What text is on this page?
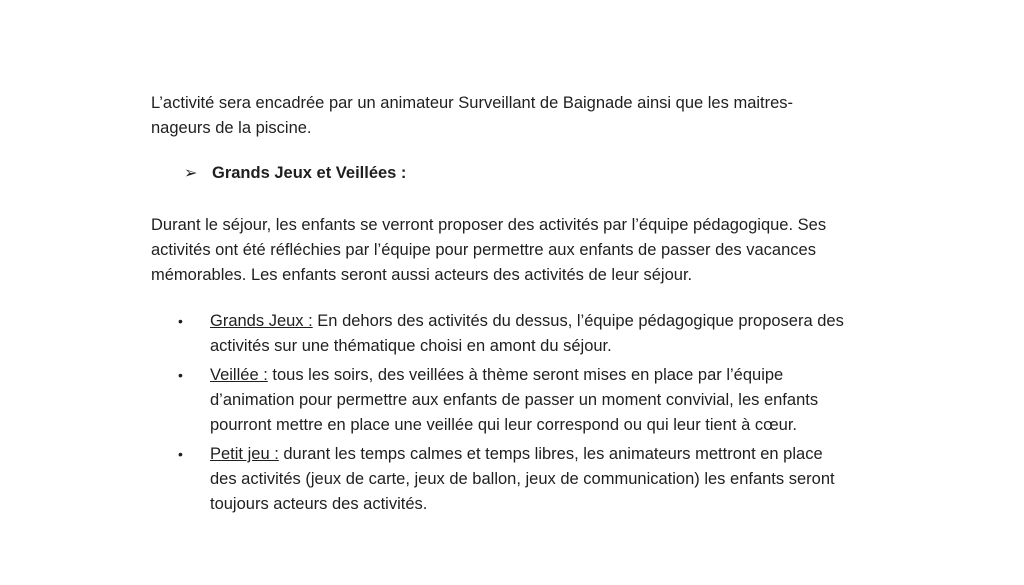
L’activité sera encadrée par un animateur Surveillant de Baignade ainsi que les maitres-
nageurs de la piscine.

➢ Grands Jeux et Veillées :

Durant le séjour, les enfants se verront proposer des activités par l’équipe pédagogique. Ses
activités ont été réfléchies par l’équipe pour permettre aux enfants de passer des vacances
mémorables. Les enfants seront aussi acteurs des activités de leur séjour.

• Grands Jeux : En dehors des activités du dessus, l’équipe pédagogique proposera des
activités sur une thématique choisi en amont du séjour.
• Veillée : tous les soirs, des veillées à thème seront mises en place par l’équipe
d’animation pour permettre aux enfants de passer un moment convivial, les enfants
pourront mettre en place une veillée qui leur correspond ou qui leur tient à cœur.
• Petit jeu : durant les temps calmes et temps libres, les animateurs mettront en place
des activités (jeux de carte, jeux de ballon, jeux de communication) les enfants seront
toujours acteurs des activités.
